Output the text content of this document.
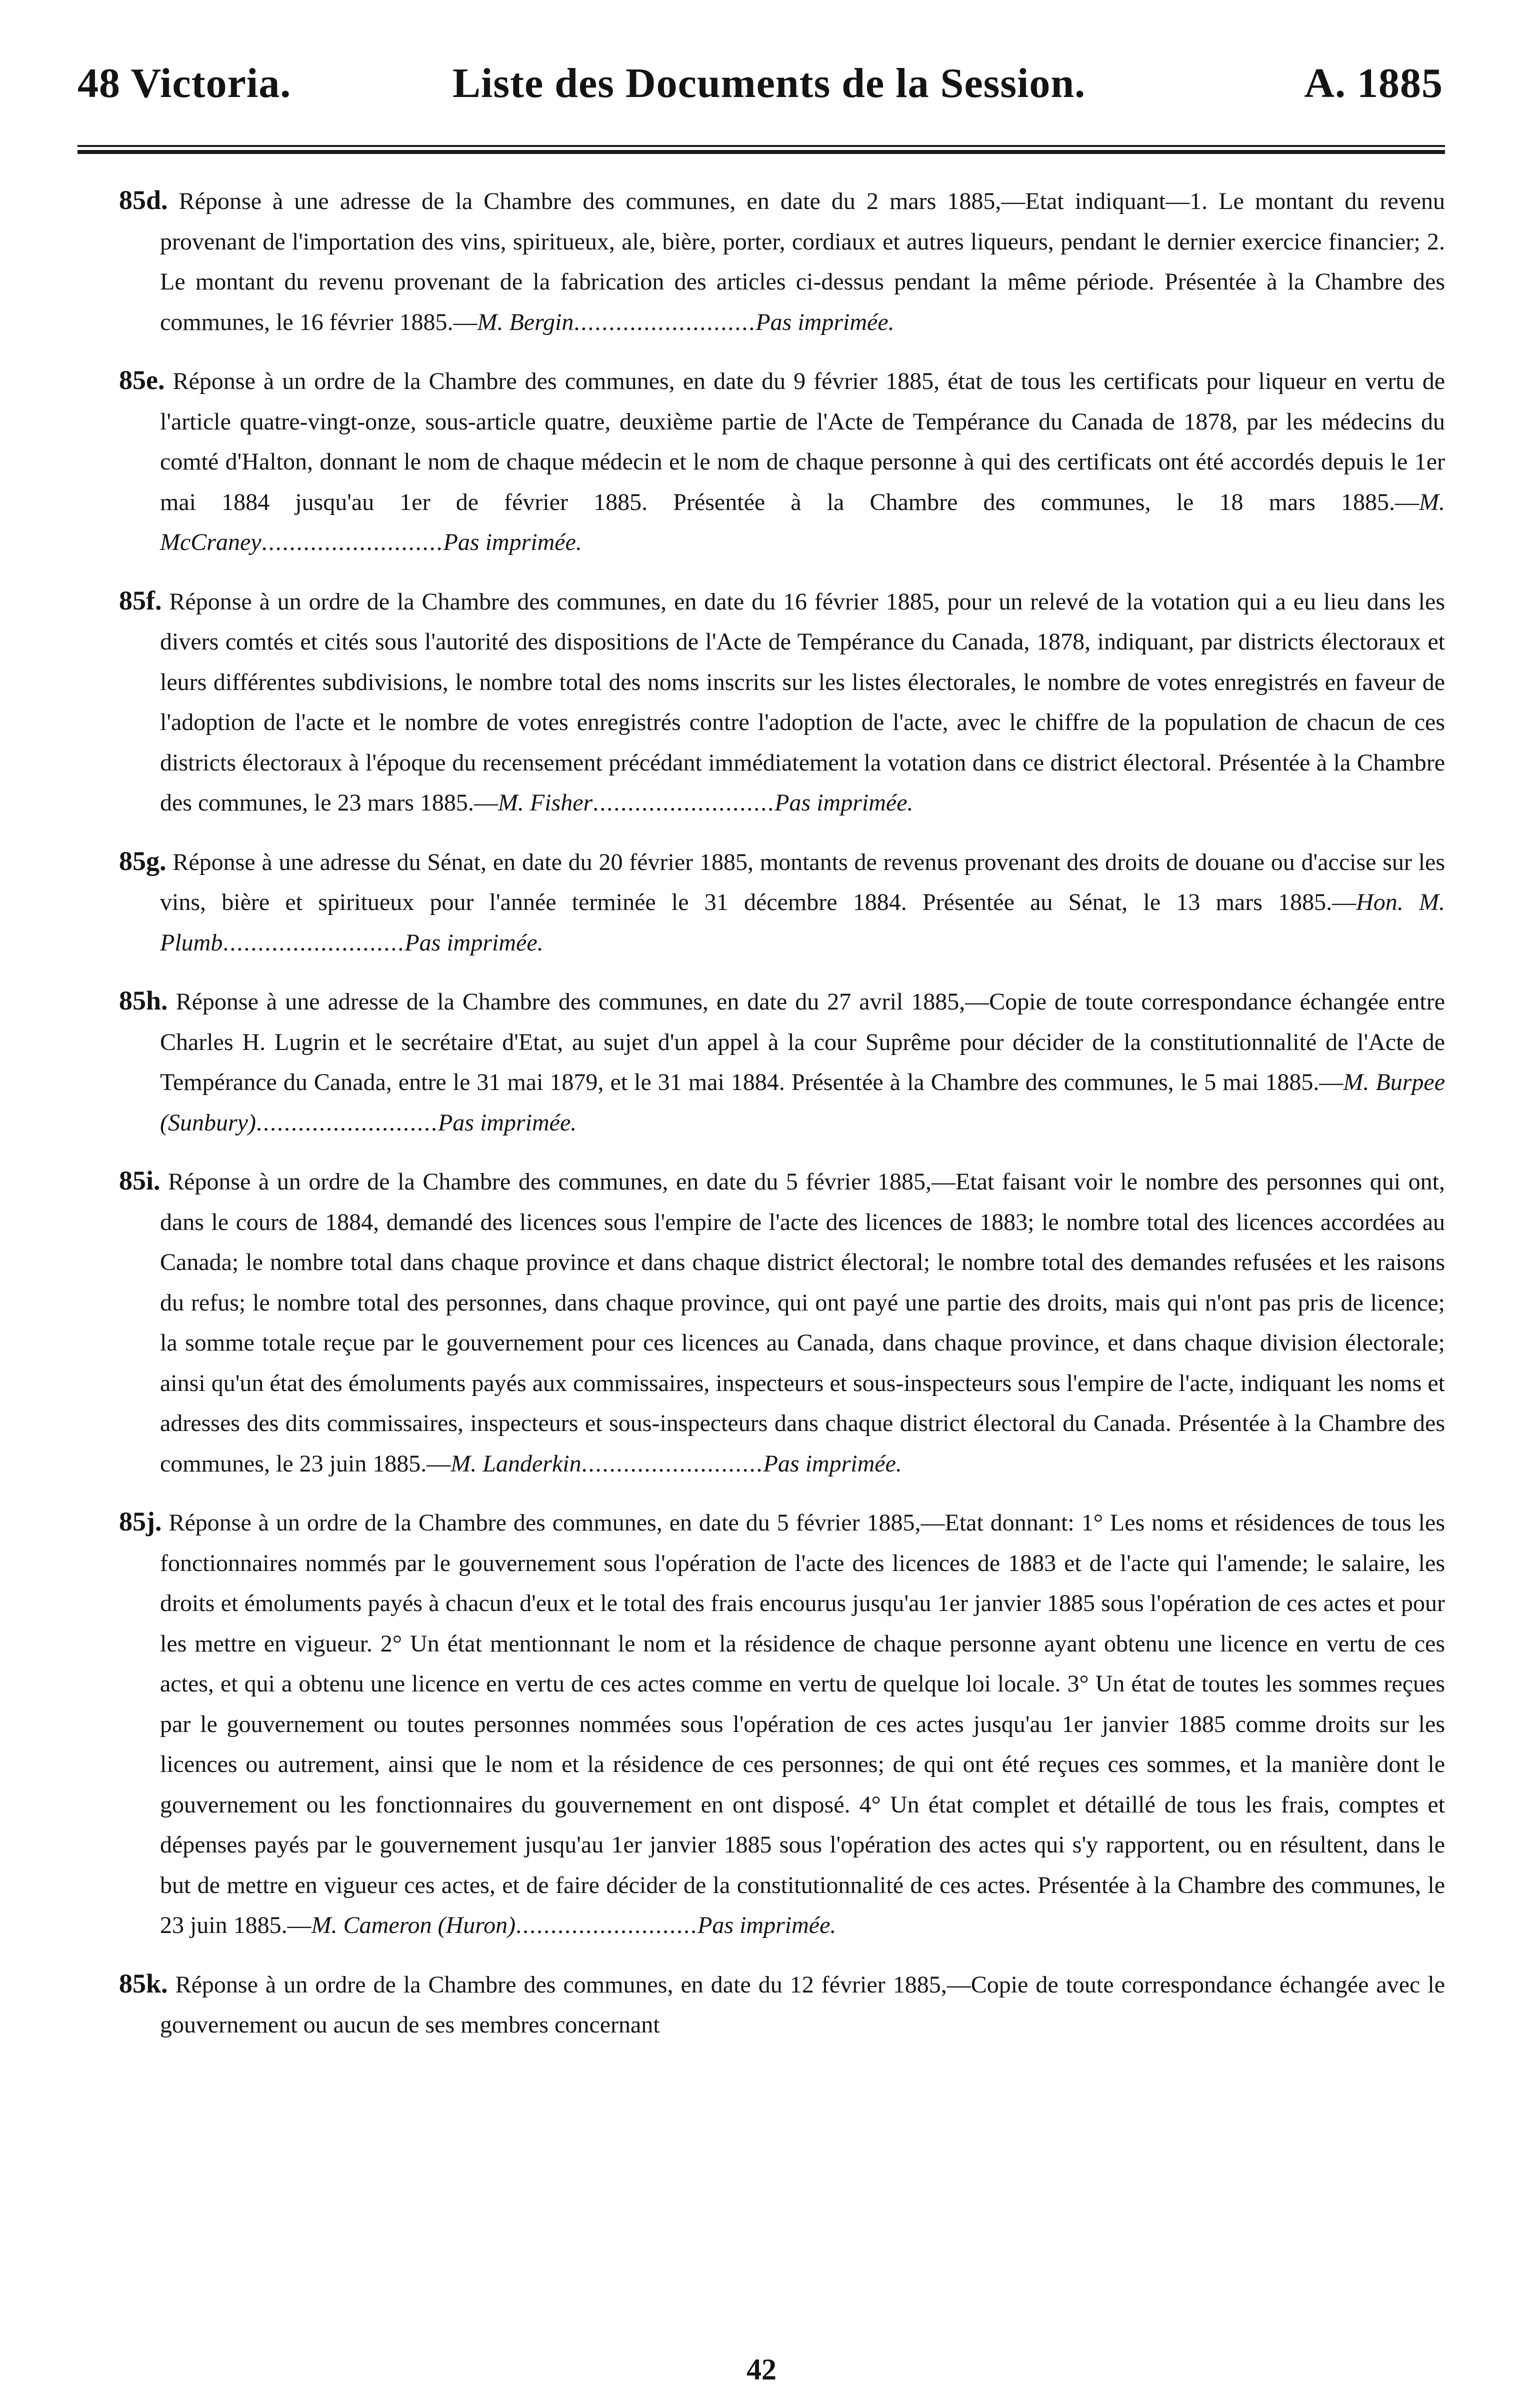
48 Victoria.	Liste des Documents de la Session.	A. 1885

85d. Réponse à une adresse de la Chambre des communes, en date du 2 mars 1885,—Etat indiquant—1. Le montant du revenu provenant de l'importation des vins, spiritueux, ale, bière, porter, cordiaux et autres liqueurs, pendant le dernier exercice financier; 2. Le montant du revenu provenant de la fabrication des articles ci-dessus pendant la même période. Présentée à la Chambre des communes, le 16 février 1885.—M. Bergin..........................Pas imprimée.

85e. Réponse à un ordre de la Chambre des communes, en date du 9 février 1885, état de tous les certificats pour liqueur en vertu de l'article quatre-vingt-onze, sous-article quatre, deuxième partie de l'Acte de Tempérance du Canada de 1878, par les médecins du comté d'Halton, donnant le nom de chaque médecin et le nom de chaque personne à qui des certificats ont été accordés depuis le 1er mai 1884 jusqu'au 1er de février 1885. Présentée à la Chambre des communes, le 18 mars 1885.—M. McCraney..........................Pas imprimée.

85f. Réponse à un ordre de la Chambre des communes, en date du 16 février 1885, pour un relevé de la votation qui a eu lieu dans les divers comtés et cités sous l'autorité des dispositions de l'Acte de Tempérance du Canada, 1878, indiquant, par districts électoraux et leurs différentes subdivisions, le nombre total des noms inscrits sur les listes électorales, le nombre de votes enregistrés en faveur de l'adoption de l'acte et le nombre de votes enregistrés contre l'adoption de l'acte, avec le chiffre de la population de chacun de ces districts électoraux à l'époque du recensement précédant immédiatement la votation dans ce district électoral. Présentée à la Chambre des communes, le 23 mars 1885.—M. Fisher..........................Pas imprimée.

85g. Réponse à une adresse du Sénat, en date du 20 février 1885, montants de revenus provenant des droits de douane ou d'accise sur les vins, bière et spiritueux pour l'année terminée le 31 décembre 1884. Présentée au Sénat, le 13 mars 1885.—Hon. M. Plumb..........................Pas imprimée.

85h. Réponse à une adresse de la Chambre des communes, en date du 27 avril 1885,—Copie de toute correspondance échangée entre Charles H. Lugrin et le secrétaire d'Etat, au sujet d'un appel à la cour Suprême pour décider de la constitutionnalité de l'Acte de Tempérance du Canada, entre le 31 mai 1879, et le 31 mai 1884. Présentée à la Chambre des communes, le 5 mai 1885.—M. Burpee (Sunbury)..........................Pas imprimée.

85i. Réponse à un ordre de la Chambre des communes, en date du 5 février 1885,—Etat faisant voir le nombre des personnes qui ont, dans le cours de 1884, demandé des licences sous l'empire de l'acte des licences de 1883; le nombre total des licences accordées au Canada; le nombre total dans chaque province et dans chaque district électoral; le nombre total des demandes refusées et les raisons du refus; le nombre total des personnes, dans chaque province, qui ont payé une partie des droits, mais qui n'ont pas pris de licence; la somme totale reçue par le gouvernement pour ces licences au Canada, dans chaque province, et dans chaque division électorale; ainsi qu'un état des émoluments payés aux commissaires, inspecteurs et sous-inspecteurs sous l'empire de l'acte, indiquant les noms et adresses des dits commissaires, inspecteurs et sous-inspecteurs dans chaque district électoral du Canada. Présentée à la Chambre des communes, le 23 juin 1885.—M. Landerkin..........................Pas imprimée.

85j. Réponse à un ordre de la Chambre des communes, en date du 5 février 1885,—Etat donnant: 1° Les noms et résidences de tous les fonctionnaires nommés par le gouvernement sous l'opération de l'acte des licences de 1883 et de l'acte qui l'amende; le salaire, les droits et émoluments payés à chacun d'eux et le total des frais encourus jusqu'au 1er janvier 1885 sous l'opération de ces actes et pour les mettre en vigueur. 2° Un état mentionnant le nom et la résidence de chaque personne ayant obtenu une licence en vertu de ces actes, et qui a obtenu une licence en vertu de ces actes comme en vertu de quelque loi locale. 3° Un état de toutes les sommes reçues par le gouvernement ou toutes personnes nommées sous l'opération de ces actes jusqu'au 1er janvier 1885 comme droits sur les licences ou autrement, ainsi que le nom et la résidence de ces personnes; de qui ont été reçues ces sommes, et la manière dont le gouvernement ou les fonctionnaires du gouvernement en ont disposé. 4° Un état complet et détaillé de tous les frais, comptes et dépenses payés par le gouvernement jusqu'au 1er janvier 1885 sous l'opération des actes qui s'y rapportent, ou en résultent, dans le but de mettre en vigueur ces actes, et de faire décider de la constitutionnalité de ces actes. Présentée à la Chambre des communes, le 23 juin 1885.—M. Cameron (Huron)..........................Pas imprimée.

85k. Réponse à un ordre de la Chambre des communes, en date du 12 février 1885,—Copie de toute correspondance échangée avec le gouvernement ou aucun de ses membres concernant

42
